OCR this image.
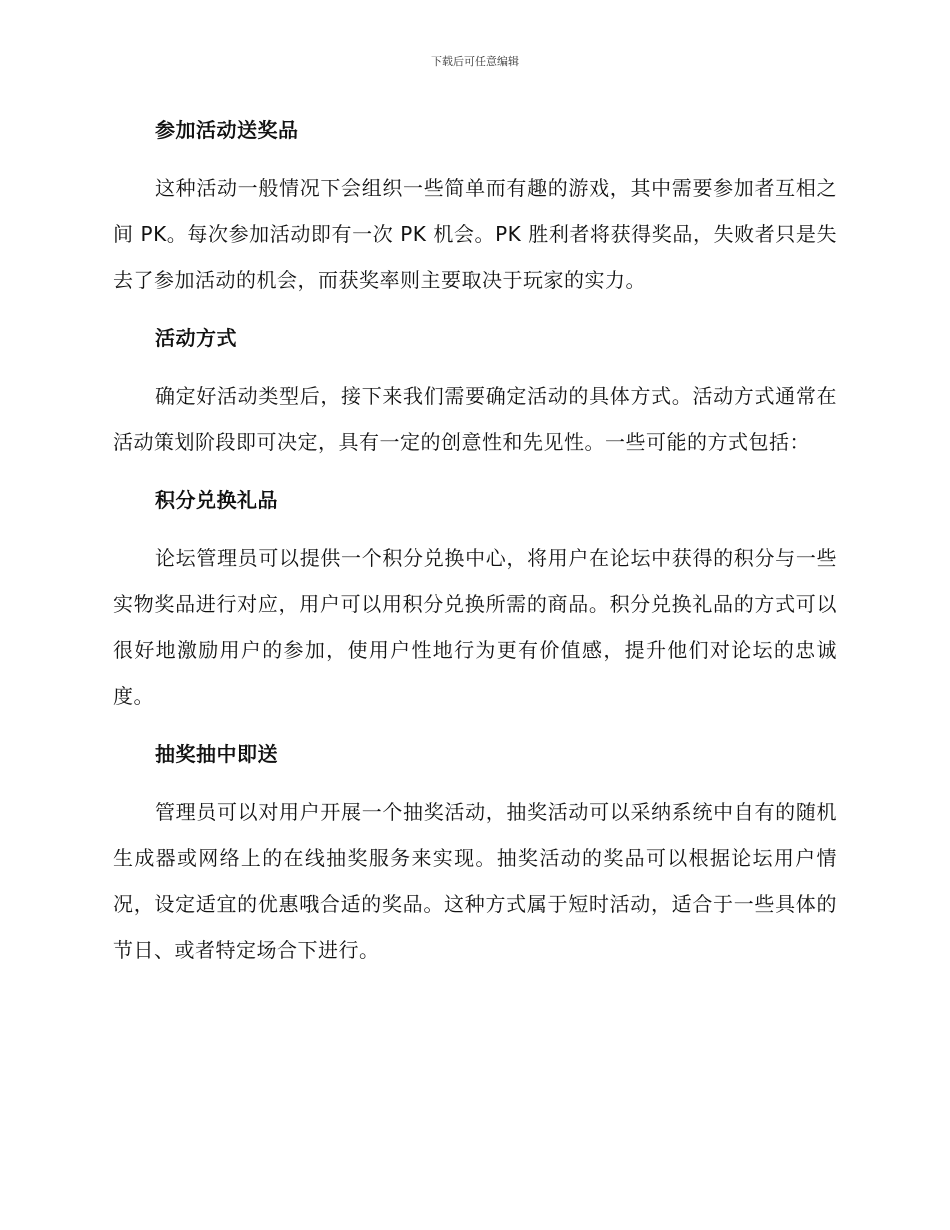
下载后可任意编辑

参加活动送奖品

这种活动一般情况下会组织一些简单而有趣的游戏，其中需要参加者互相之间 PK。每次参加活动即有一次 PK 机会。PK 胜利者将获得奖品，失败者只是失去了参加活动的机会，而获奖率则主要取决于玩家的实力。

活动方式

确定好活动类型后，接下来我们需要确定活动的具体方式。活动方式通常在活动策划阶段即可决定，具有一定的创意性和先见性。一些可能的方式包括：

积分兑换礼品

论坛管理员可以提供一个积分兑换中心，将用户在论坛中获得的积分与一些实物奖品进行对应，用户可以用积分兑换所需的商品。积分兑换礼品的方式可以很好地激励用户的参加，使用户性地行为更有价值感，提升他们对论坛的忠诚度。

抽奖抽中即送

管理员可以对用户开展一个抽奖活动，抽奖活动可以采纳系统中自有的随机生成器或网络上的在线抽奖服务来实现。抽奖活动的奖品可以根据论坛用户情况，设定适宜的优惠哦合适的奖品。这种方式属于短时活动，适合于一些具体的节日、或者特定场合下进行。
